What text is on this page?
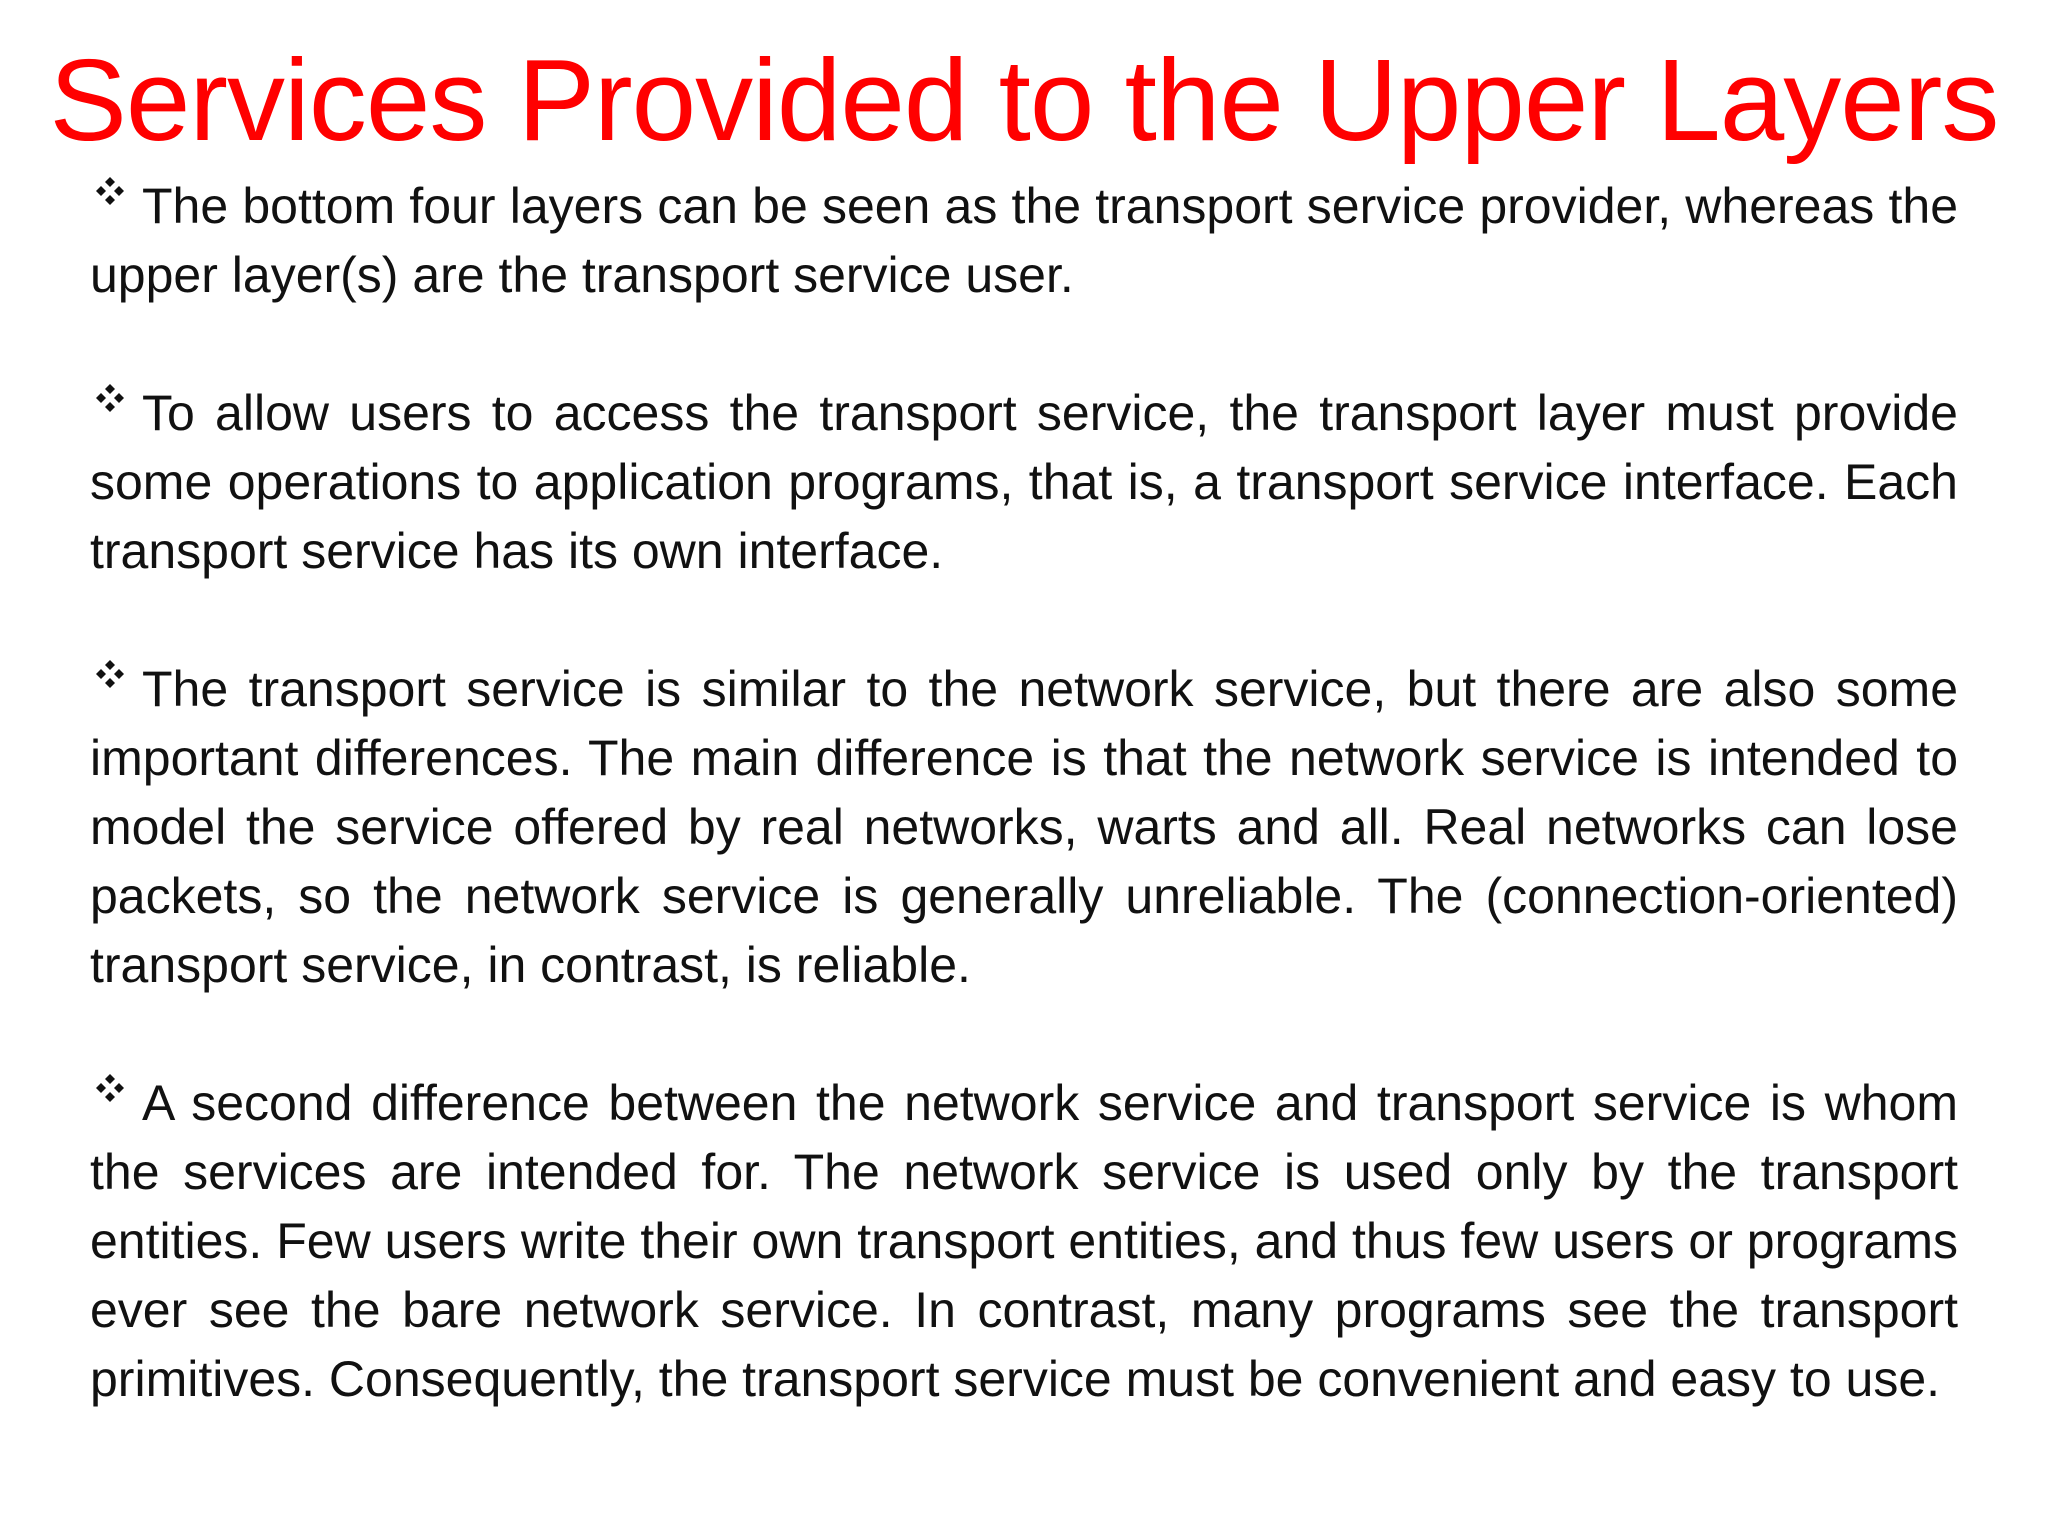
Services Provided to the Upper Layers

The bottom four layers can be seen as the transport service provider, whereas the upper layer(s) are the transport service user.

To allow users to access the transport service, the transport layer must provide some operations to application programs, that is, a transport service interface. Each transport service has its own interface.

The transport service is similar to the network service, but there are also some important differences. The main difference is that the network service is intended to model the service offered by real networks, warts and all. Real networks can lose packets, so the network service is generally unreliable. The (connection-oriented) transport service, in contrast, is reliable.

A second difference between the network service and transport service is whom the services are intended for. The network service is used only by the transport entities. Few users write their own transport entities, and thus few users or programs ever see the bare network service. In contrast, many programs see the transport primitives. Consequently, the transport service must be convenient and easy to use.
